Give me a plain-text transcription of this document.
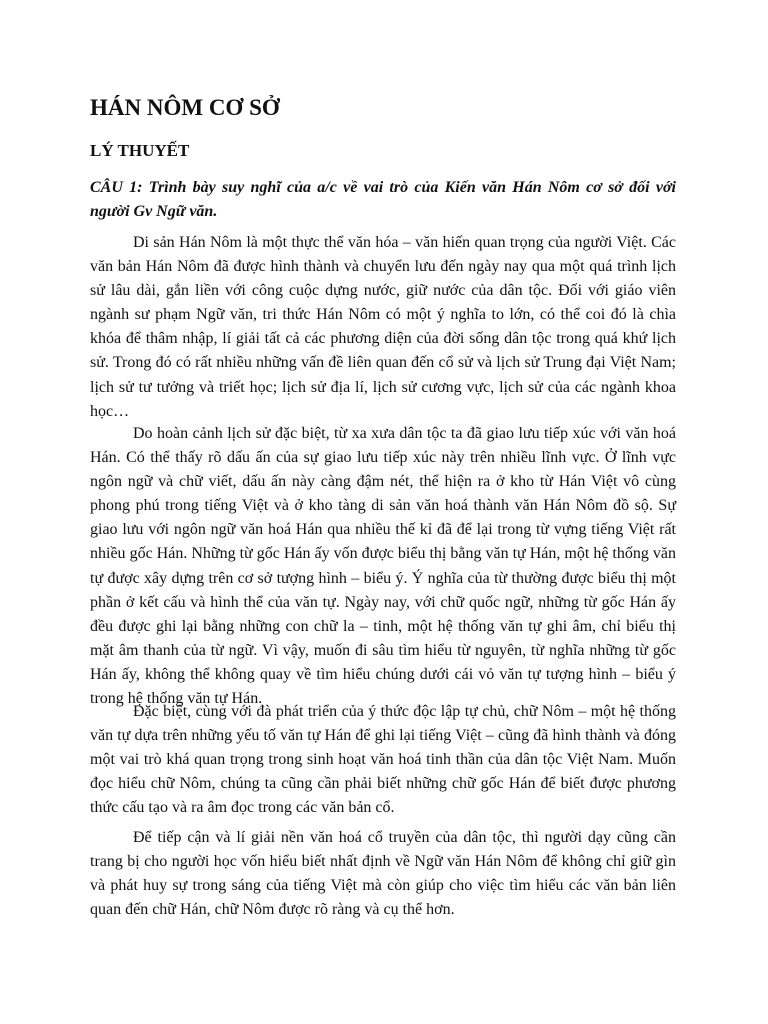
HÁN NÔM CƠ SỞ
LÝ THUYẾT

CÂU 1: Trình bày suy nghĩ của a/c về vai trò của Kiến văn Hán Nôm cơ sở đối với người Gv Ngữ văn.

Di sản Hán Nôm là một thực thể văn hóa – văn hiến quan trọng của người Việt. Các văn bản Hán Nôm đã được hình thành và chuyển lưu đến ngày nay qua một quá trình lịch sử lâu dài, gắn liền với công cuộc dựng nước, giữ nước của dân tộc. Đối với giáo viên ngành sư phạm Ngữ văn, tri thức Hán Nôm có một ý nghĩa to lớn, có thể coi đó là chìa khóa để thâm nhập, lí giải tất cả các phương diện của đời sống dân tộc trong quá khứ lịch sử. Trong đó có rất nhiều những vấn đề liên quan đến cổ sử và lịch sử Trung đại Việt Nam; lịch sử tư tưởng và triết học; lịch sử địa lí, lịch sử cương vực, lịch sử của các ngành khoa học…

Do hoàn cảnh lịch sử đặc biệt, từ xa xưa dân tộc ta đã giao lưu tiếp xúc với văn hoá Hán. Có thể thấy rõ dấu ấn của sự giao lưu tiếp xúc này trên nhiều lĩnh vực. Ở lĩnh vực ngôn ngữ và chữ viết, dấu ấn này càng đậm nét, thể hiện ra ở kho từ Hán Việt vô cùng phong phú trong tiếng Việt và ở kho tàng di sản văn hoá thành văn Hán Nôm đồ sộ. Sự giao lưu với ngôn ngữ văn hoá Hán qua nhiều thế kỉ đã để lại trong từ vựng tiếng Việt rất nhiều gốc Hán. Những từ gốc Hán ấy vốn được biểu thị bằng văn tự Hán, một hệ thống văn tự được xây dựng trên cơ sở tượng hình – biểu ý. Ý nghĩa của từ thường được biểu thị một phần ở kết cấu và hình thể của văn tự. Ngày nay, với chữ quốc ngữ, những từ gốc Hán ấy đều được ghi lại bằng những con chữ la – tinh, một hệ thống văn tự ghi âm, chỉ biểu thị mặt âm thanh của từ ngữ. Vì vậy, muốn đi sâu tìm hiểu từ nguyên, từ nghĩa những từ gốc Hán ấy, không thể không quay về tìm hiểu chúng dưới cái vỏ văn tự tượng hình – biểu ý trong hệ thống văn tự Hán.

Đặc biệt, cùng với đà phát triển của ý thức độc lập tự chủ, chữ Nôm – một hệ thống văn tự dựa trên những yếu tố văn tự Hán để ghi lại tiếng Việt – cũng đã hình thành và đóng một vai trò khá quan trọng trong sinh hoạt văn hoá tinh thần của dân tộc Việt Nam. Muốn đọc hiểu chữ Nôm, chúng ta cũng cần phải biết những chữ gốc Hán để biết được phương thức cấu tạo và ra âm đọc trong các văn bản cổ.

Để tiếp cận và lí giải nền văn hoá cổ truyền của dân tộc, thì người dạy cũng cần trang bị cho người học vốn hiểu biết nhất định về Ngữ văn Hán Nôm để không chỉ giữ gìn và phát huy sự trong sáng của tiếng Việt mà còn giúp cho việc tìm hiểu các văn bản liên quan đến chữ Hán, chữ Nôm được rõ ràng và cụ thể hơn.
